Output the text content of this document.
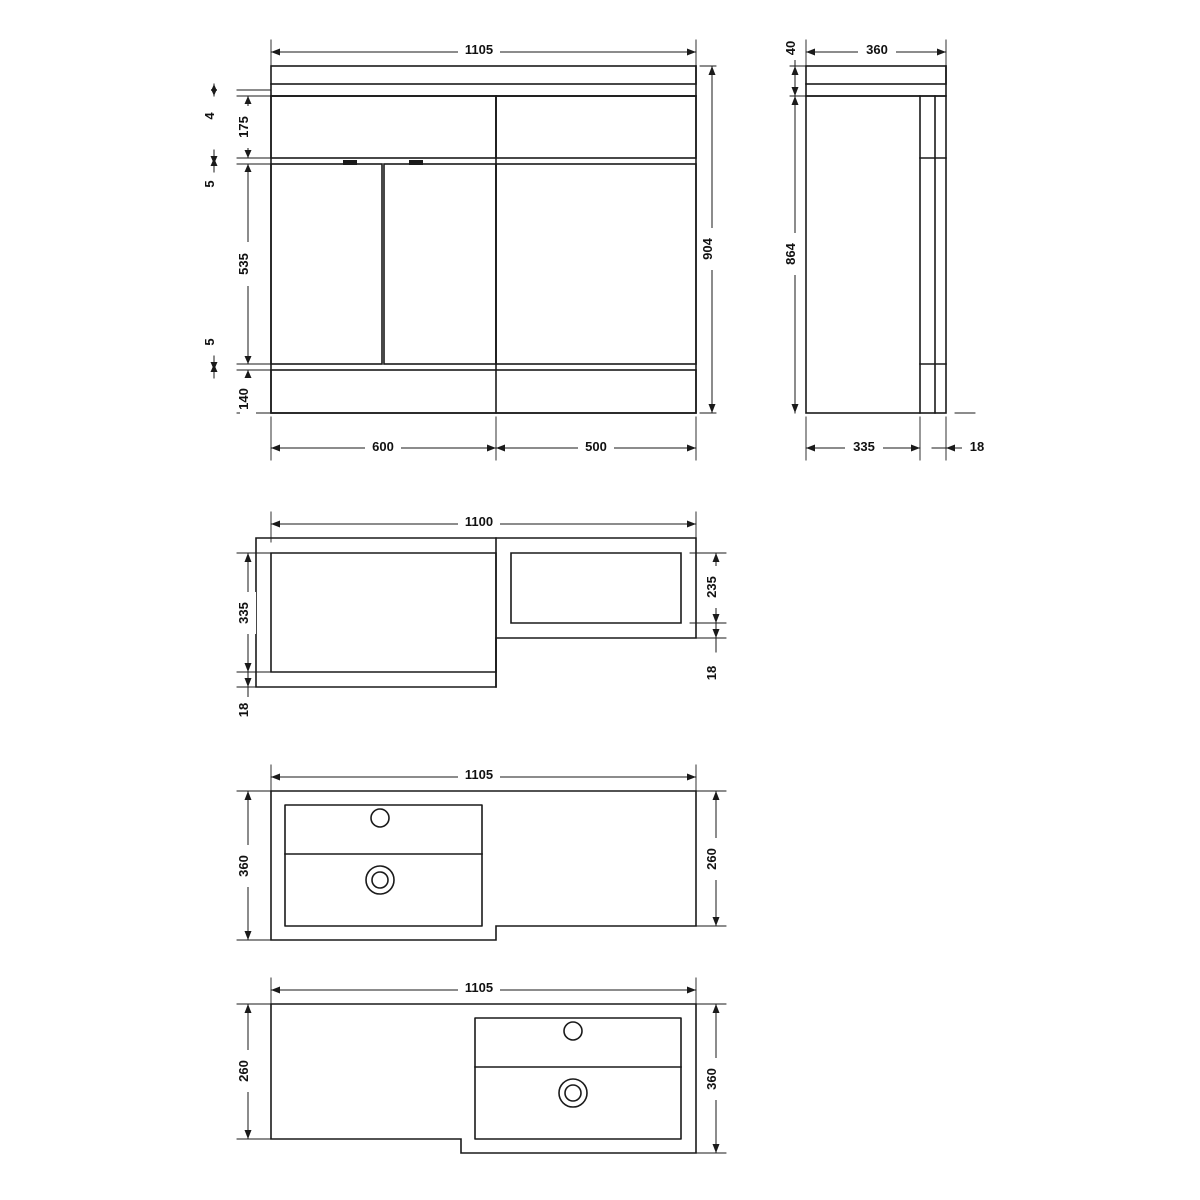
1105
4
175
5
535
5
140
904
600	500
40	360
864
335	18
1100
335
235
18
18
1105
360	260
1105
260	360
